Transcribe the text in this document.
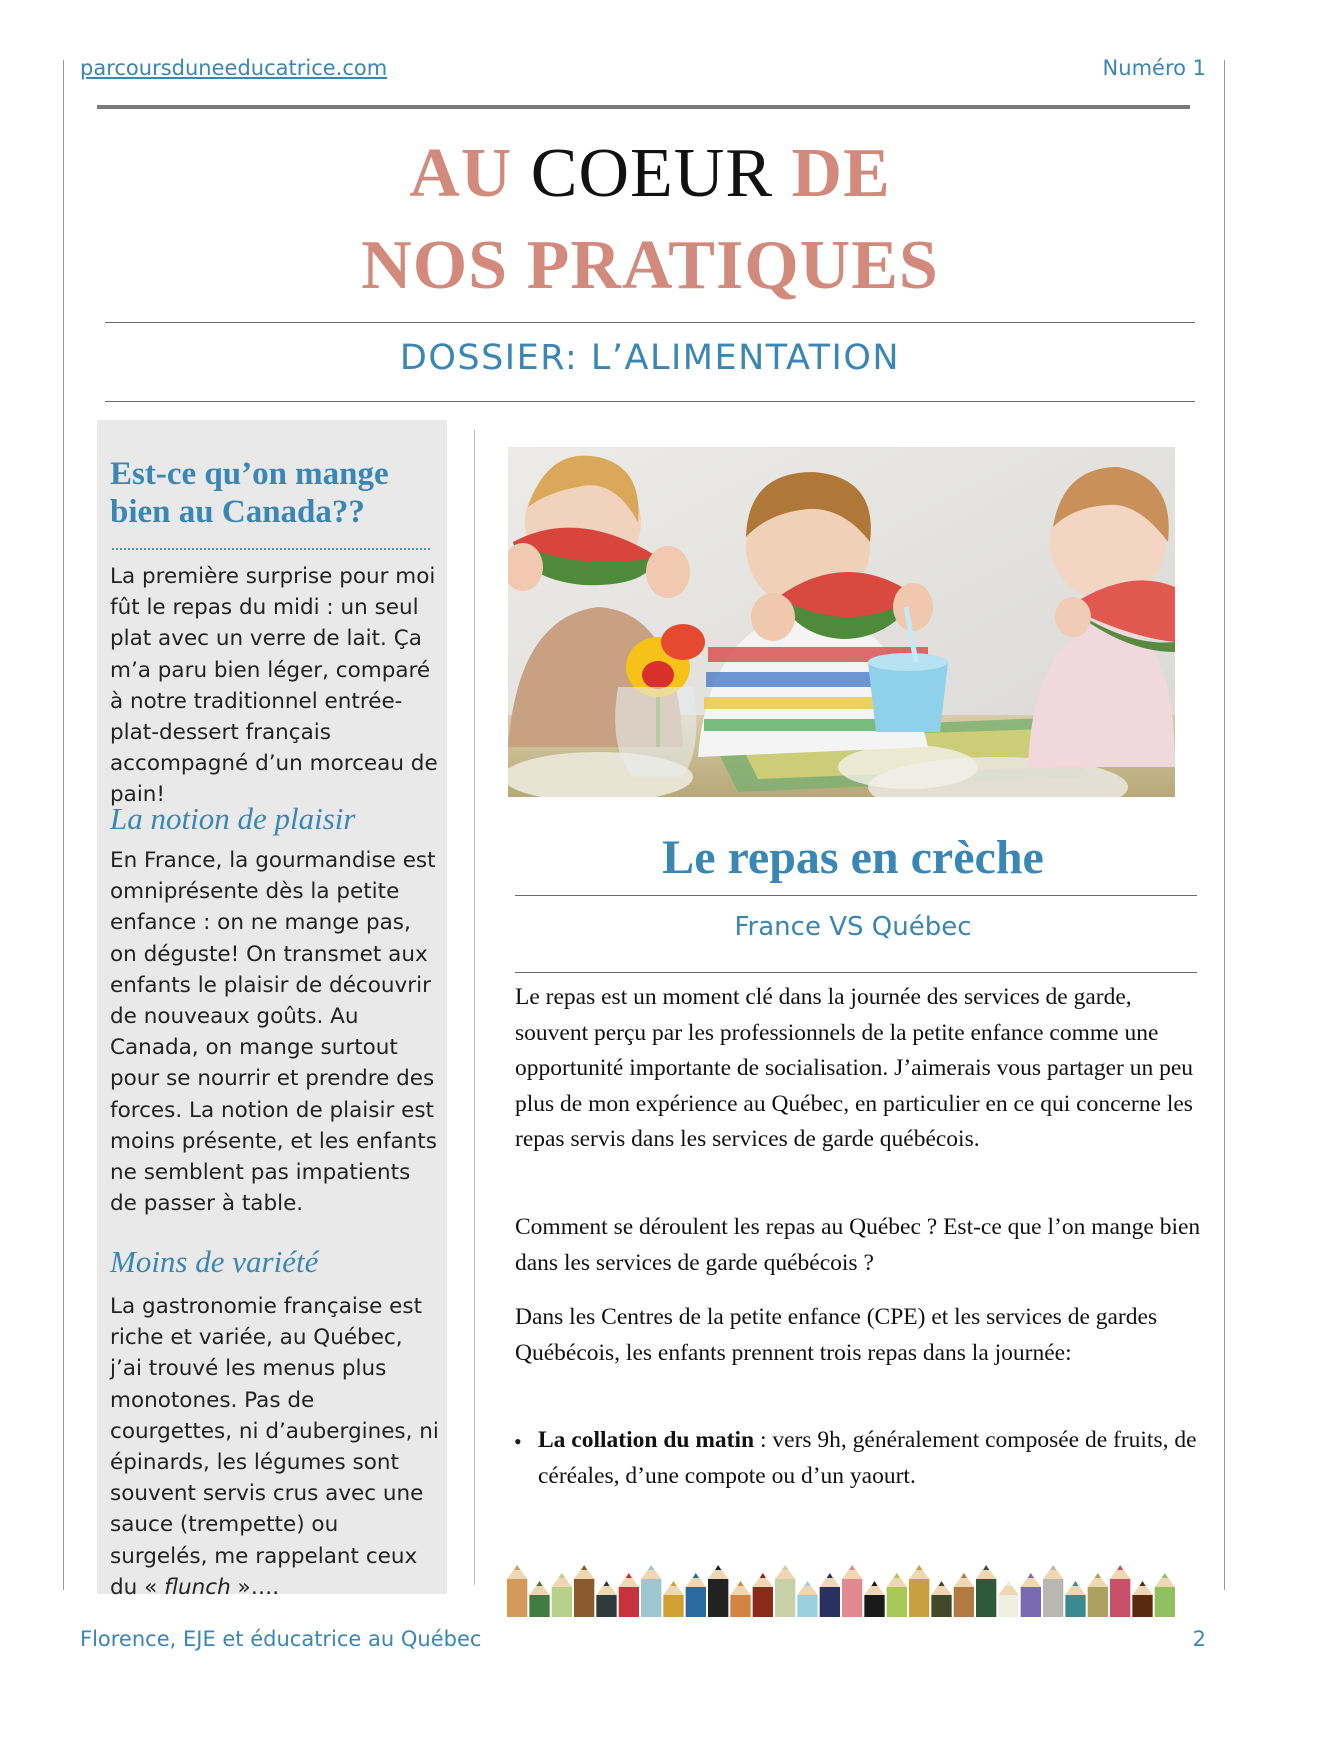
parcoursduneeducatrice.com	Numéro 1
AU COEUR DE
NOS PRATIQUES
DOSSIER: L’ALIMENTATION
Est-ce qu’on mange bien au Canada??
La première surprise pour moi fût le repas du midi : un seul plat avec un verre de lait. Ça m’a paru bien léger, comparé à notre traditionnel entrée-plat-dessert français accompagné d’un morceau de pain!
La notion de plaisir
En France, la gourmandise est omniprésente dès la petite enfance : on ne mange pas, on déguste! On transmet aux enfants le plaisir de découvrir de nouveaux goûts. Au Canada, on mange surtout pour se nourrir et prendre des forces. La notion de plaisir est moins présente, et les enfants ne semblent pas impatients de passer à table.
Moins de variété
La gastronomie française est riche et variée, au Québec, j’ai trouvé les menus plus monotones. Pas de courgettes, ni d’aubergines, ni épinards, les légumes sont souvent servis crus avec une sauce (trempette) ou surgelés, me rappelant ceux du « flunch »….
Le repas en crèche
France VS Québec
Le repas est un moment clé dans la journée des services de garde, souvent perçu par les professionnels de la petite enfance comme une opportunité importante de socialisation. J’aimerais vous partager un peu plus de mon expérience au Québec, en particulier en ce qui concerne les repas servis dans les services de garde québécois.
Comment se déroulent les repas au Québec ? Est-ce que l’on mange bien dans les services de garde québécois ?
Dans les Centres de la petite enfance (CPE) et les services de gardes Québécois, les enfants prennent trois repas dans la journée:
• La collation du matin : vers 9h, généralement composée de fruits, de céréales, d’une compote ou d’un yaourt.
Florence, EJE et éducatrice au Québec	2
